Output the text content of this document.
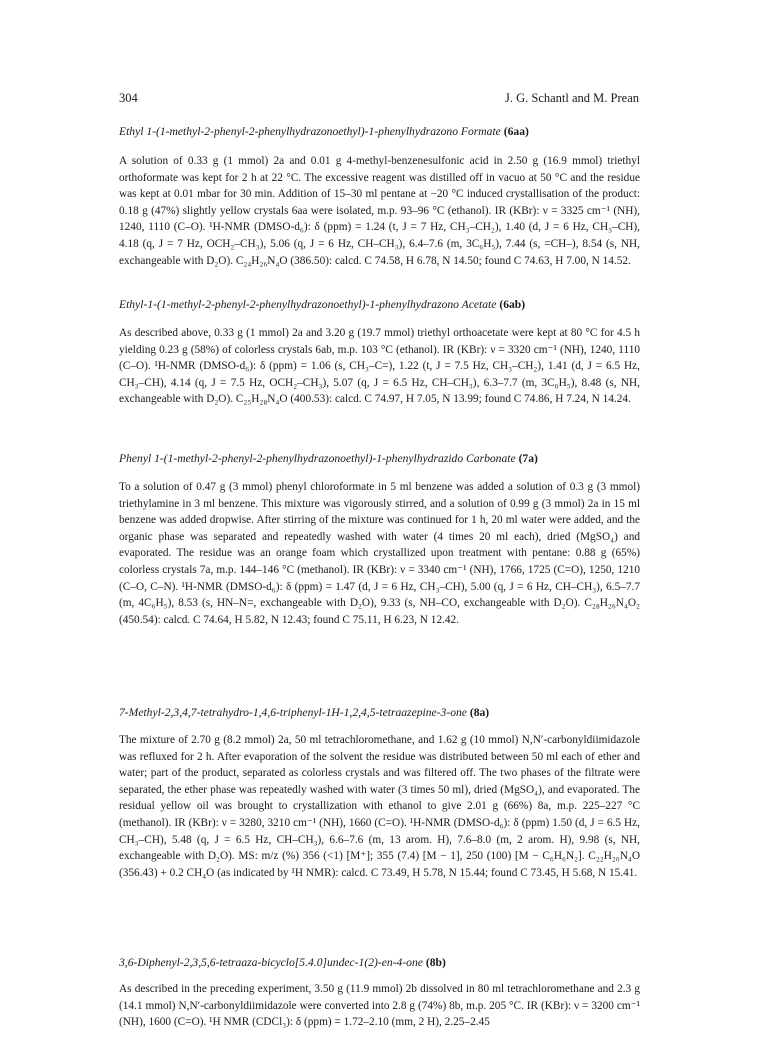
304	J. G. Schantl and M. Prean
Ethyl 1-(1-methyl-2-phenyl-2-phenylhydrazonoethyl)-1-phenylhydrazono Formate (6aa)

A solution of 0.33 g (1 mmol) 2a and 0.01 g 4-methyl-benzenesulfonic acid in 2.50 g (16.9 mmol) triethyl orthoformate was kept for 2 h at 22 °C. The excessive reagent was distilled off in vacuo at 50 °C and the residue was kept at 0.01 mbar for 30 min. Addition of 15–30 ml pentane at −20 °C induced crystallisation of the product: 0.18 g (47%) slightly yellow crystals 6aa were isolated, m.p. 93–96 °C (ethanol). IR (KBr): ν = 3325 cm⁻¹ (NH), 1240, 1110 (C–O). ¹H-NMR (DMSO-d₆): δ (ppm) = 1.24 (t, J = 7 Hz, CH₃–CH₂), 1.40 (d, J = 6 Hz, CH₃–CH), 4.18 (q, J = 7 Hz, OCH₂–CH₃), 5.06 (q, J = 6 Hz, CH–CH₃), 6.4–7.6 (m, 3C₆H₅), 7.44 (s, =CH–), 8.54 (s, NH, exchangeable with D₂O). C₂₄H₂₆N₄O (386.50): calcd. C 74.58, H 6.78, N 14.50; found C 74.63, H 7.00, N 14.52.

Ethyl-1-(1-methyl-2-phenyl-2-phenylhydrazonoethyl)-1-phenylhydrazono Acetate (6ab)

As described above, 0.33 g (1 mmol) 2a and 3.20 g (19.7 mmol) triethyl orthoacetate were kept at 80 °C for 4.5 h yielding 0.23 g (58%) of colorless crystals 6ab, m.p. 103 °C (ethanol). IR (KBr): ν = 3320 cm⁻¹ (NH), 1240, 1110 (C–O). ¹H-NMR (DMSO-d₆): δ (ppm) = 1.06 (s, CH₃–C=), 1.22 (t, J = 7.5 Hz, CH₃–CH₂), 1.41 (d, J = 6.5 Hz, CH₃–CH), 4.14 (q, J = 7.5 Hz, OCH₂–CH₃), 5.07 (q, J = 6.5 Hz, CH–CH₃), 6.3–7.7 (m, 3C₆H₅), 8.48 (s, NH, exchangeable with D₂O). C₂₅H₂₈N₄O (400.53): calcd. C 74.97, H 7.05, N 13.99; found C 74.86, H 7.24, N 14.24.

Phenyl 1-(1-methyl-2-phenyl-2-phenylhydrazonoethyl)-1-phenylhydrazido Carbonate (7a)

To a solution of 0.47 g (3 mmol) phenyl chloroformate in 5 ml benzene was added a solution of 0.3 g (3 mmol) triethylamine in 3 ml benzene. This mixture was vigorously stirred, and a solution of 0.99 g (3 mmol) 2a in 15 ml benzene was added dropwise. After stirring of the mixture was continued for 1 h, 20 ml water were added, and the organic phase was separated and repeatedly washed with water (4 times 20 ml each), dried (MgSO₄) and evaporated. The residue was an orange foam which crystallized upon treatment with pentane: 0.88 g (65%) colorless crystals 7a, m.p. 144–146 °C (methanol). IR (KBr): ν = 3340 cm⁻¹ (NH), 1766, 1725 (C=O), 1250, 1210 (C–O, C–N). ¹H-NMR (DMSO-d₆): δ (ppm) = 1.47 (d, J = 6 Hz, CH₃–CH), 5.00 (q, J = 6 Hz, CH–CH₃), 6.5–7.7 (m, 4C₆H₅), 8.53 (s, HN–N=, exchangeable with D₂O), 9.33 (s, NH–CO, exchangeable with D₂O). C₂₈H₂₆N₄O₂ (450.54): calcd. C 74.64, H 5.82, N 12.43; found C 75.11, H 6.23, N 12.42.

7-Methyl-2,3,4,7-tetrahydro-1,4,6-triphenyl-1H-1,2,4,5-tetraazepine-3-one (8a)

The mixture of 2.70 g (8.2 mmol) 2a, 50 ml tetrachloromethane, and 1.62 g (10 mmol) N,N′-carbonyldiimidazole was refluxed for 2 h. After evaporation of the solvent the residue was distributed between 50 ml each of ether and water; part of the product, separated as colorless crystals and was filtered off. The two phases of the filtrate were separated, the ether phase was repeatedly washed with water (3 times 50 ml), dried (MgSO₄), and evaporated. The residual yellow oil was brought to crystallization with ethanol to give 2.01 g (66%) 8a, m.p. 225–227 °C (methanol). IR (KBr): ν = 3280, 3210 cm⁻¹ (NH), 1660 (C=O). ¹H-NMR (DMSO-d₆): δ (ppm) 1.50 (d, J = 6.5 Hz, CH₃–CH), 5.48 (q, J = 6.5 Hz, CH–CH₃), 6.6–7.6 (m, 13 arom. H), 7.6–8.0 (m, 2 arom. H), 9.98 (s, NH, exchangeable with D₂O). MS: m/z (%) 356 (<1) [M⁺]; 355 (7.4) [M − 1], 250 (100) [M − C₆H₆N₂]. C₂₂H₂₀N₄O (356.43) + 0.2 CH₄O (as indicated by ¹H NMR): calcd. C 73.49, H 5.78, N 15.44; found C 73.45, H 5.68, N 15.41.

3,6-Diphenyl-2,3,5,6-tetraaza-bicyclo[5.4.0]undec-1(2)-en-4-one (8b)

As described in the preceding experiment, 3.50 g (11.9 mmol) 2b dissolved in 80 ml tetrachloromethane and 2.3 g (14.1 mmol) N,N′-carbonyldiimidazole were converted into 2.8 g (74%) 8b, m.p. 205 °C. IR (KBr): ν = 3200 cm⁻¹ (NH), 1600 (C=O). ¹H NMR (CDCl₃): δ (ppm) = 1.72–2.10 (mm, 2 H), 2.25–2.45
